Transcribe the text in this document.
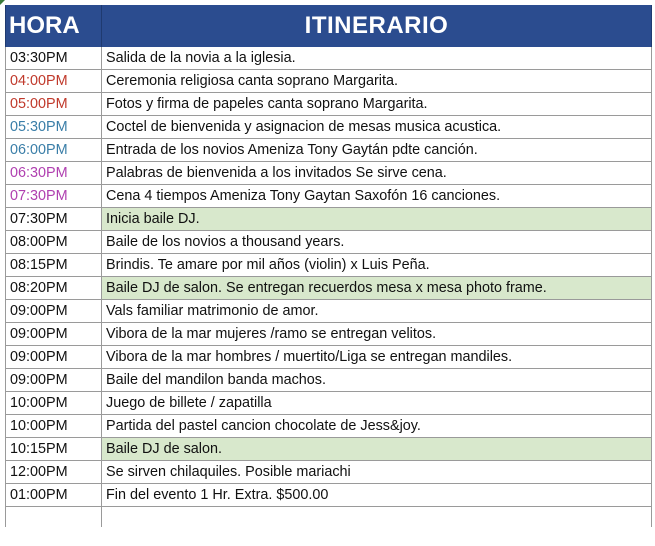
HORA	ITINERARIO
03:30PM	Salida de la novia a la iglesia.
04:00PM	Ceremonia religiosa canta soprano Margarita.
05:00PM	Fotos y firma de papeles canta soprano Margarita.
05:30PM	Coctel de bienvenida y asignacion de mesas musica acustica.
06:00PM	Entrada de los novios Ameniza Tony Gaytán pdte canción.
06:30PM	Palabras de bienvenida a los invitados Se sirve cena.
07:30PM	Cena 4 tiempos Ameniza Tony Gaytan Saxofón 16 canciones.
07:30PM	Inicia baile DJ.
08:00PM	Baile de los novios a thousand years.
08:15PM	Brindis. Te amare por mil años (violin) x Luis Peña.
08:20PM	Baile DJ de salon. Se entregan recuerdos mesa x mesa photo frame.
09:00PM	Vals familiar matrimonio de amor.
09:00PM	Vibora de la mar mujeres /ramo se entregan velitos.
09:00PM	Vibora de la mar hombres / muertito/Liga se entregan mandiles.
09:00PM	Baile del mandilon banda machos.
10:00PM	Juego de billete / zapatilla
10:00PM	Partida del pastel cancion chocolate de Jess&joy.
10:15PM	Baile DJ de salon.
12:00PM	Se sirven chilaquiles. Posible mariachi
01:00PM	Fin del evento 1 Hr. Extra. $500.00
